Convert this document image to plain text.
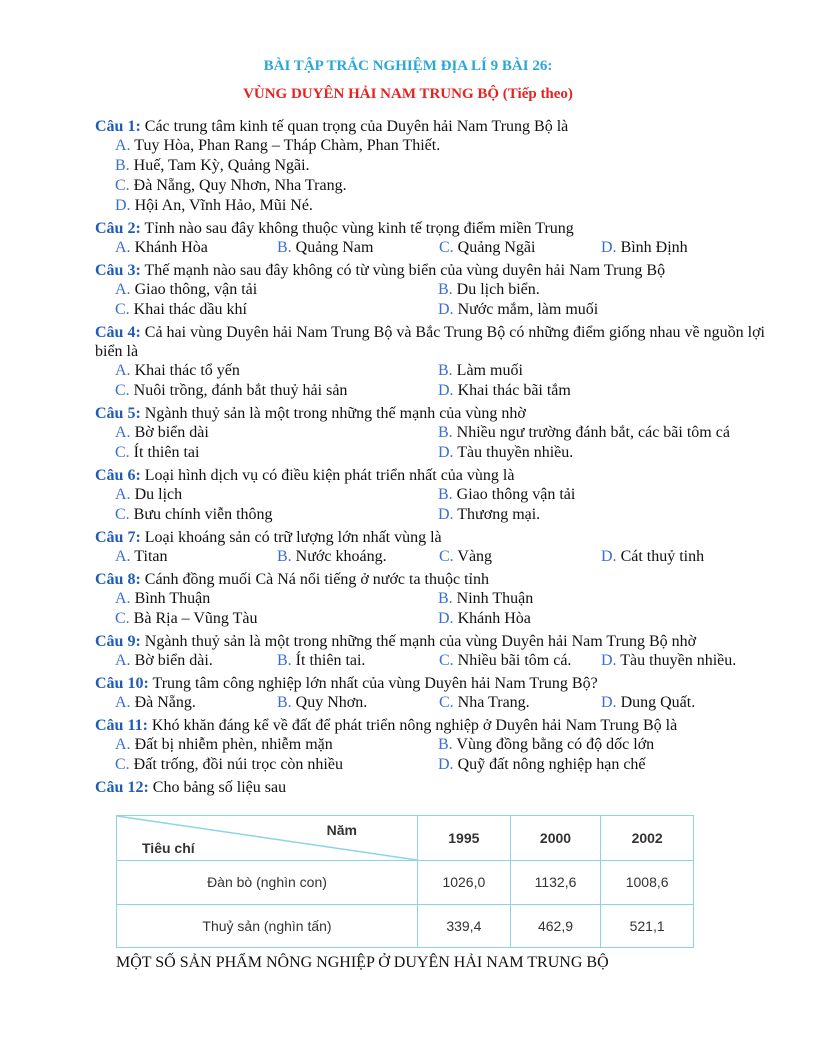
BÀI TẬP TRẮC NGHIỆM ĐỊA LÍ 9 BÀI 26:
VÙNG DUYÊN HẢI NAM TRUNG BỘ (Tiếp theo)
Câu 1: Các trung tâm kinh tế quan trọng của Duyên hải Nam Trung Bộ là
A. Tuy Hòa, Phan Rang – Tháp Chàm, Phan Thiết.
B. Huế, Tam Kỳ, Quảng Ngãi.
C. Đà Nẵng, Quy Nhơn, Nha Trang.
D. Hội An, Vĩnh Hảo, Mũi Né.
Câu 2: Tỉnh nào sau đây không thuộc vùng kinh tế trọng điểm miền Trung
A. Khánh Hòa	B. Quảng Nam	C. Quảng Ngãi	D. Bình Định
Câu 3: Thế mạnh nào sau đây không có từ vùng biển của vùng duyên hải Nam Trung Bộ
A. Giao thông, vận tải	B. Du lịch biển.
C. Khai thác dầu khí	D. Nước mắm, làm muối
Câu 4: Cả hai vùng Duyên hải Nam Trung Bộ và Bắc Trung Bộ có những điểm giống nhau về nguồn lợi biển là
A. Khai thác tổ yến	B. Làm muối
C. Nuôi trồng, đánh bắt thuỷ hải sản	D. Khai thác bãi tắm
Câu 5: Ngành thuỷ sản là một trong những thế mạnh của vùng nhờ
A. Bờ biển dài	B. Nhiều ngư trường đánh bắt, các bãi tôm cá
C. Ít thiên tai	D. Tàu thuyền nhiều.
Câu 6: Loại hình dịch vụ có điều kiện phát triển nhất của vùng là
A. Du lịch	B. Giao thông vận tải
C. Bưu chính viễn thông	D. Thương mại.
Câu 7: Loại khoáng sản có trữ lượng lớn nhất vùng là
A. Titan	B. Nước khoáng.	C. Vàng	D. Cát thuỷ tinh
Câu 8: Cánh đồng muối Cà Ná nổi tiếng ở nước ta thuộc tỉnh
A. Bình Thuận	B. Ninh Thuận
C. Bà Rịa – Vũng Tàu	D. Khánh Hòa
Câu 9: Ngành thuỷ sản là một trong những thế mạnh của vùng Duyên hải Nam Trung Bộ nhờ
A. Bờ biển dài.	B. Ít thiên tai.	C. Nhiều bãi tôm cá.	D. Tàu thuyền nhiều.
Câu 10: Trung tâm công nghiệp lớn nhất của vùng Duyên hải Nam Trung Bộ?
A. Đà Nẵng.	B. Quy Nhơn.	C. Nha Trang.	D. Dung Quất.
Câu 11: Khó khăn đáng kể về đất để phát triển nông nghiệp ở Duyên hải Nam Trung Bộ là
A. Đất bị nhiễm phèn, nhiễm mặn	B. Vùng đồng bằng có độ dốc lớn
C. Đất trống, đồi núi trọc còn nhiều	D. Quỹ đất nông nghiệp hạn chế
Câu 12: Cho bảng số liệu sau
Năm
Tiêu chí	1995	2000	2002
Đàn bò (nghìn con)	1026,0	1132,6	1008,6
Thuỷ sản (nghìn tấn)	339,4	462,9	521,1
MỘT SỐ SẢN PHẨM NÔNG NGHIỆP Ở DUYÊN HẢI NAM TRUNG BỘ
